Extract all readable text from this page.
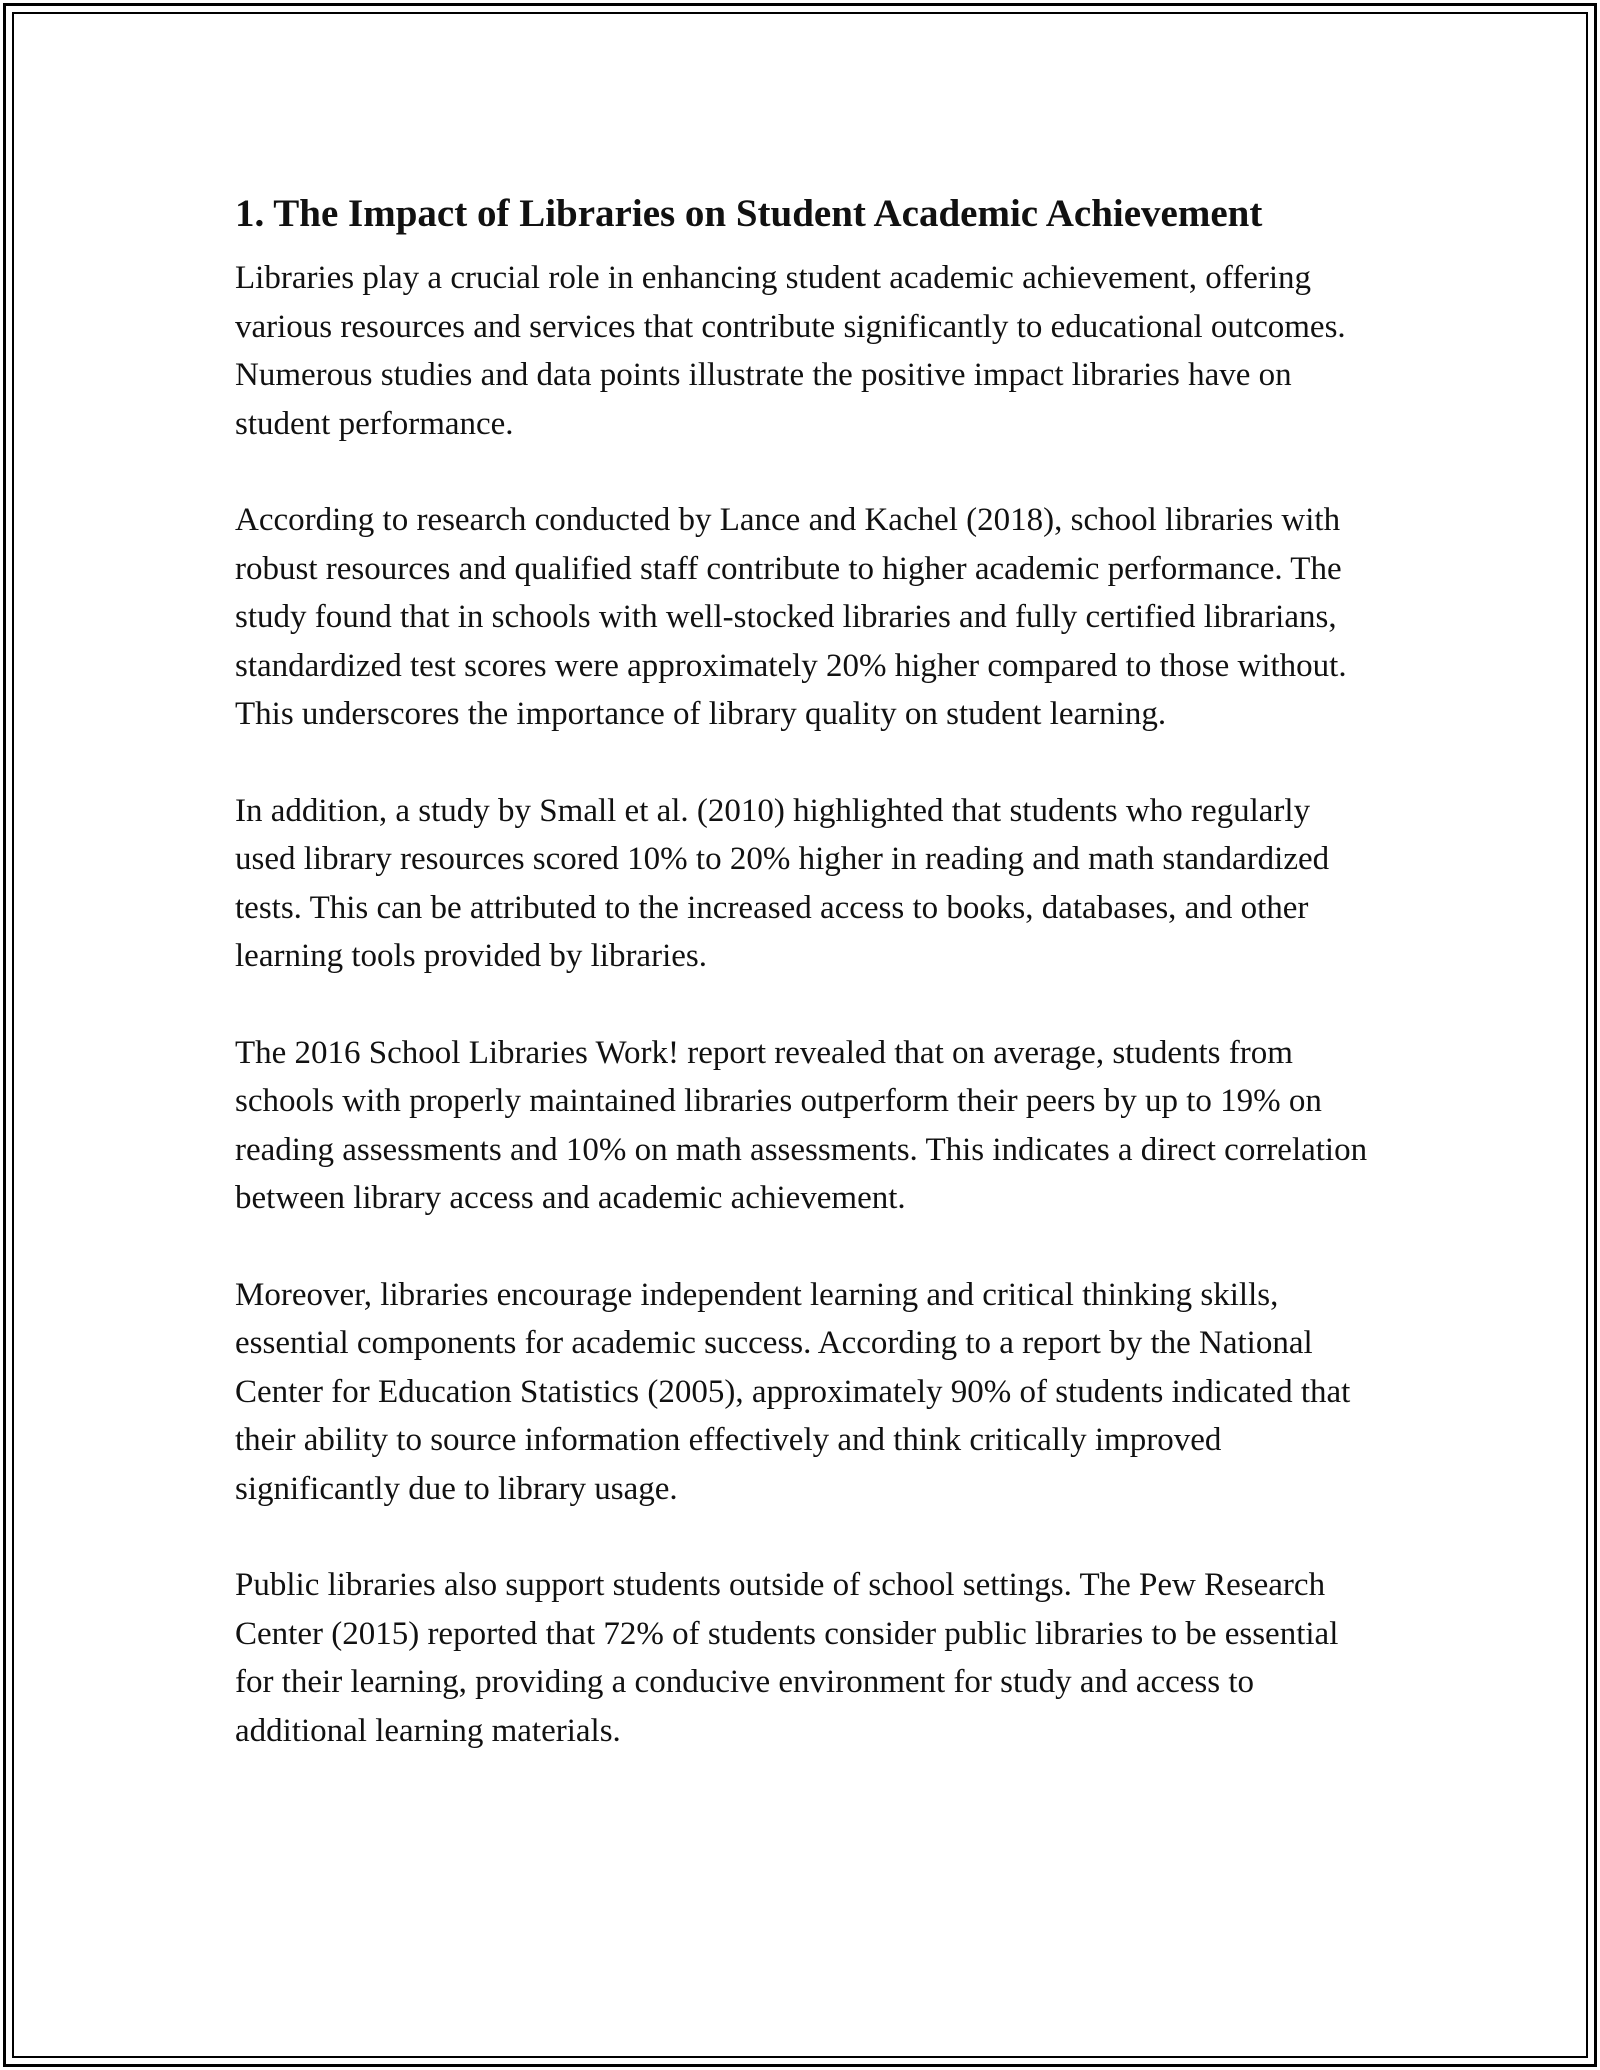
1. The Impact of Libraries on Student Academic Achievement

Libraries play a crucial role in enhancing student academic achievement, offering various resources and services that contribute significantly to educational outcomes. Numerous studies and data points illustrate the positive impact libraries have on student performance.

According to research conducted by Lance and Kachel (2018), school libraries with robust resources and qualified staff contribute to higher academic performance. The study found that in schools with well-stocked libraries and fully certified librarians, standardized test scores were approximately 20% higher compared to those without. This underscores the importance of library quality on student learning.

In addition, a study by Small et al. (2010) highlighted that students who regularly used library resources scored 10% to 20% higher in reading and math standardized tests. This can be attributed to the increased access to books, databases, and other learning tools provided by libraries.

The 2016 School Libraries Work! report revealed that on average, students from schools with properly maintained libraries outperform their peers by up to 19% on reading assessments and 10% on math assessments. This indicates a direct correlation between library access and academic achievement.

Moreover, libraries encourage independent learning and critical thinking skills, essential components for academic success. According to a report by the National Center for Education Statistics (2005), approximately 90% of students indicated that their ability to source information effectively and think critically improved significantly due to library usage.

Public libraries also support students outside of school settings. The Pew Research Center (2015) reported that 72% of students consider public libraries to be essential for their learning, providing a conducive environment for study and access to additional learning materials.
